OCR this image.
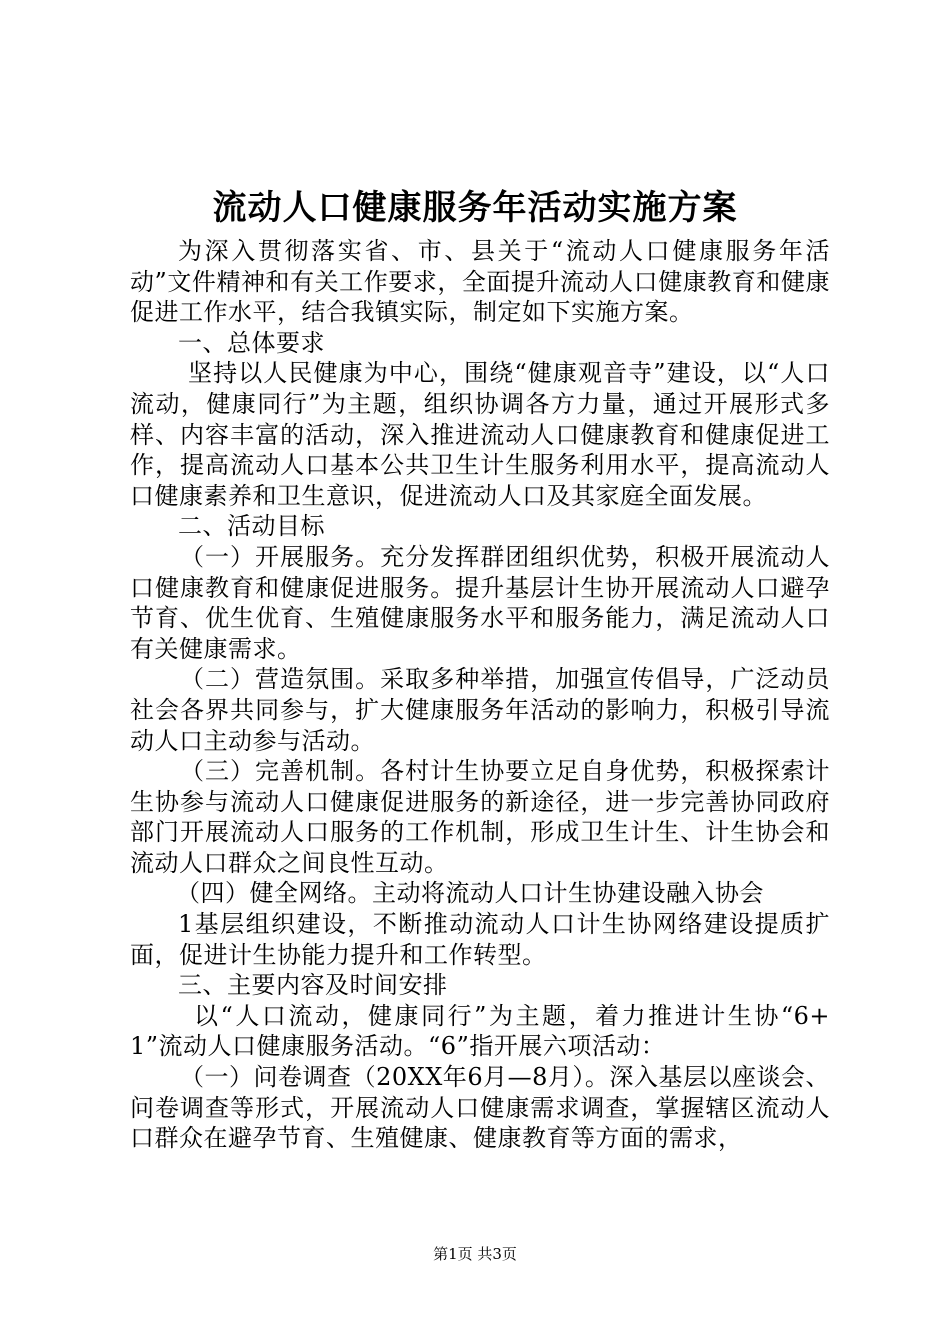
流动人口健康服务年活动实施方案

为深入贯彻落实省、市、县关于“流动人口健康服务年活动”文件精神和有关工作要求，全面提升流动人口健康教育和健康促进工作水平，结合我镇实际，制定如下实施方案。

一、总体要求

坚持以人民健康为中心，围绕“健康观音寺”建设，以“人口流动，健康同行”为主题，组织协调各方力量，通过开展形式多样、内容丰富的活动，深入推进流动人口健康教育和健康促进工作，提高流动人口基本公共卫生计生服务利用水平，提高流动人口健康素养和卫生意识，促进流动人口及其家庭全面发展。

二、活动目标

（一）开展服务。充分发挥群团组织优势，积极开展流动人口健康教育和健康促进服务。提升基层计生协开展流动人口避孕节育、优生优育、生殖健康服务水平和服务能力，满足流动人口有关健康需求。

（二）营造氛围。采取多种举措，加强宣传倡导，广泛动员社会各界共同参与，扩大健康服务年活动的影响力，积极引导流动人口主动参与活动。

（三）完善机制。各村计生协要立足自身优势，积极探索计生协参与流动人口健康促进服务的新途径，进一步完善协同政府部门开展流动人口服务的工作机制，形成卫生计生、计生协会和流动人口群众之间良性互动。

（四）健全网络。主动将流动人口计生协建设融入协会

1基层组织建设，不断推动流动人口计生协网络建设提质扩面，促进计生协能力提升和工作转型。

三、主要内容及时间安排

以“人口流动，健康同行”为主题，着力推进计生协“6+1”流动人口健康服务活动。“6”指开展六项活动：

（一）问卷调查（20XX年6月—8月）。深入基层以座谈会、问卷调查等形式，开展流动人口健康需求调查，掌握辖区流动人口群众在避孕节育、生殖健康、健康教育等方面的需求，

第1页 共3页
